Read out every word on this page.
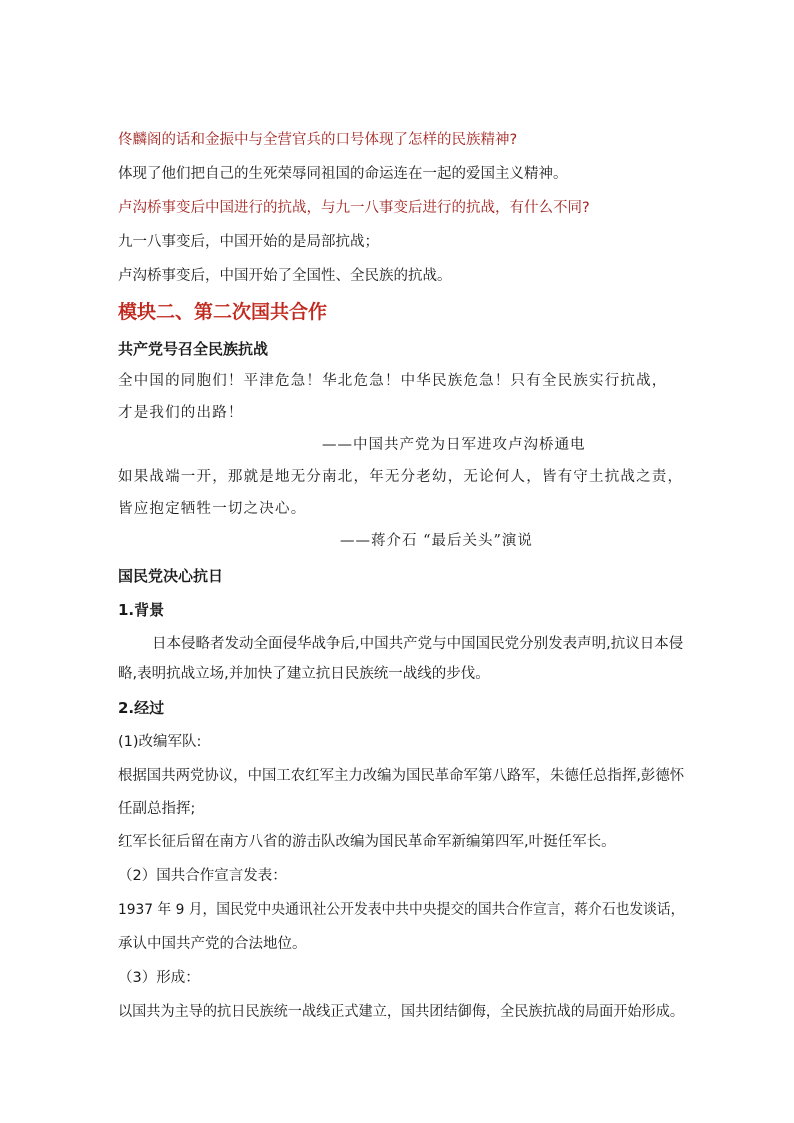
佟麟阁的话和金振中与全营官兵的口号体现了怎样的民族精神?
体现了他们把自己的生死荣辱同祖国的命运连在一起的爱国主义精神。
卢沟桥事变后中国进行的抗战，与九一八事变后进行的抗战，有什么不同?
九一八事变后，中国开始的是局部抗战；
卢沟桥事变后，中国开始了全国性、全民族的抗战。
模块二、第二次国共合作
共产党号召全民族抗战
全中国的同胞们！平津危急！华北危急！中华民族危急！只有全民族实行抗战，
才是我们的出路！
——中国共产党为日军进攻卢沟桥通电
如果战端一开，那就是地无分南北，年无分老幼，无论何人，皆有守土抗战之责，
皆应抱定牺牲一切之决心。
——蒋介石 “最后关头”演说
国民党决心抗日
1.背景
日本侵略者发动全面侵华战争后,中国共产党与中国国民党分别发表声明,抗议日本侵
略,表明抗战立场,并加快了建立抗日民族统一战线的步伐。
2.经过
(1)改编军队:
根据国共两党协议，中国工农红军主力改编为国民革命军第八路军，朱德任总指挥,彭德怀
任副总指挥;
红军长征后留在南方八省的游击队改编为国民革命军新编第四军,叶挺任军长。
（2）国共合作宣言发表：
1937 年 9 月，国民党中央通讯社公开发表中共中央提交的国共合作宣言，蒋介石也发谈话，
承认中国共产党的合法地位。
（3）形成：
以国共为主导的抗日民族统一战线正式建立，国共团结御侮，全民族抗战的局面开始形成。
